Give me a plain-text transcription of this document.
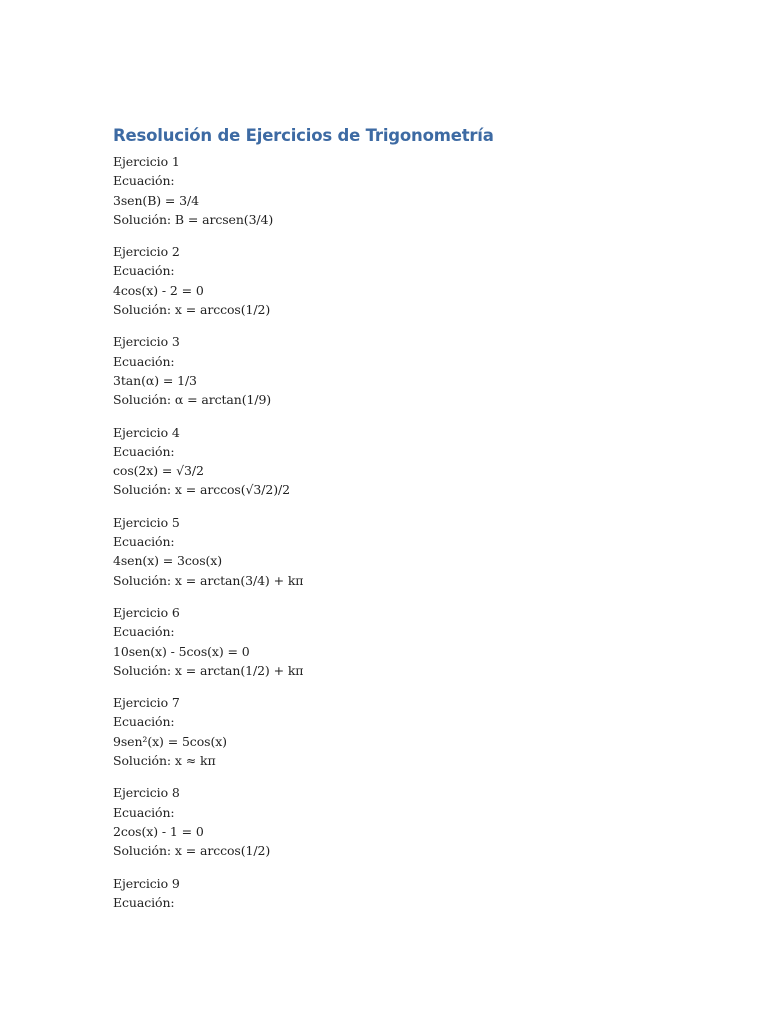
Resolución de Ejercicios de Trigonometría
Ejercicio 1
Ecuación:
3sen(B) = 3/4
Solución: B = arcsen(3/4)
Ejercicio 2
Ecuación:
4cos(x) - 2 = 0
Solución: x = arccos(1/2)
Ejercicio 3
Ecuación:
3tan(α) = 1/3
Solución: α = arctan(1/9)
Ejercicio 4
Ecuación:
cos(2x) = √3/2
Solución: x = arccos(√3/2)/2
Ejercicio 5
Ecuación:
4sen(x) = 3cos(x)
Solución: x = arctan(3/4) + kπ
Ejercicio 6
Ecuación:
10sen(x) - 5cos(x) = 0
Solución: x = arctan(1/2) + kπ
Ejercicio 7
Ecuación:
9sen²(x) = 5cos(x)
Solución: x ≈ kπ
Ejercicio 8
Ecuación:
2cos(x) - 1 = 0
Solución: x = arccos(1/2)
Ejercicio 9
Ecuación:
